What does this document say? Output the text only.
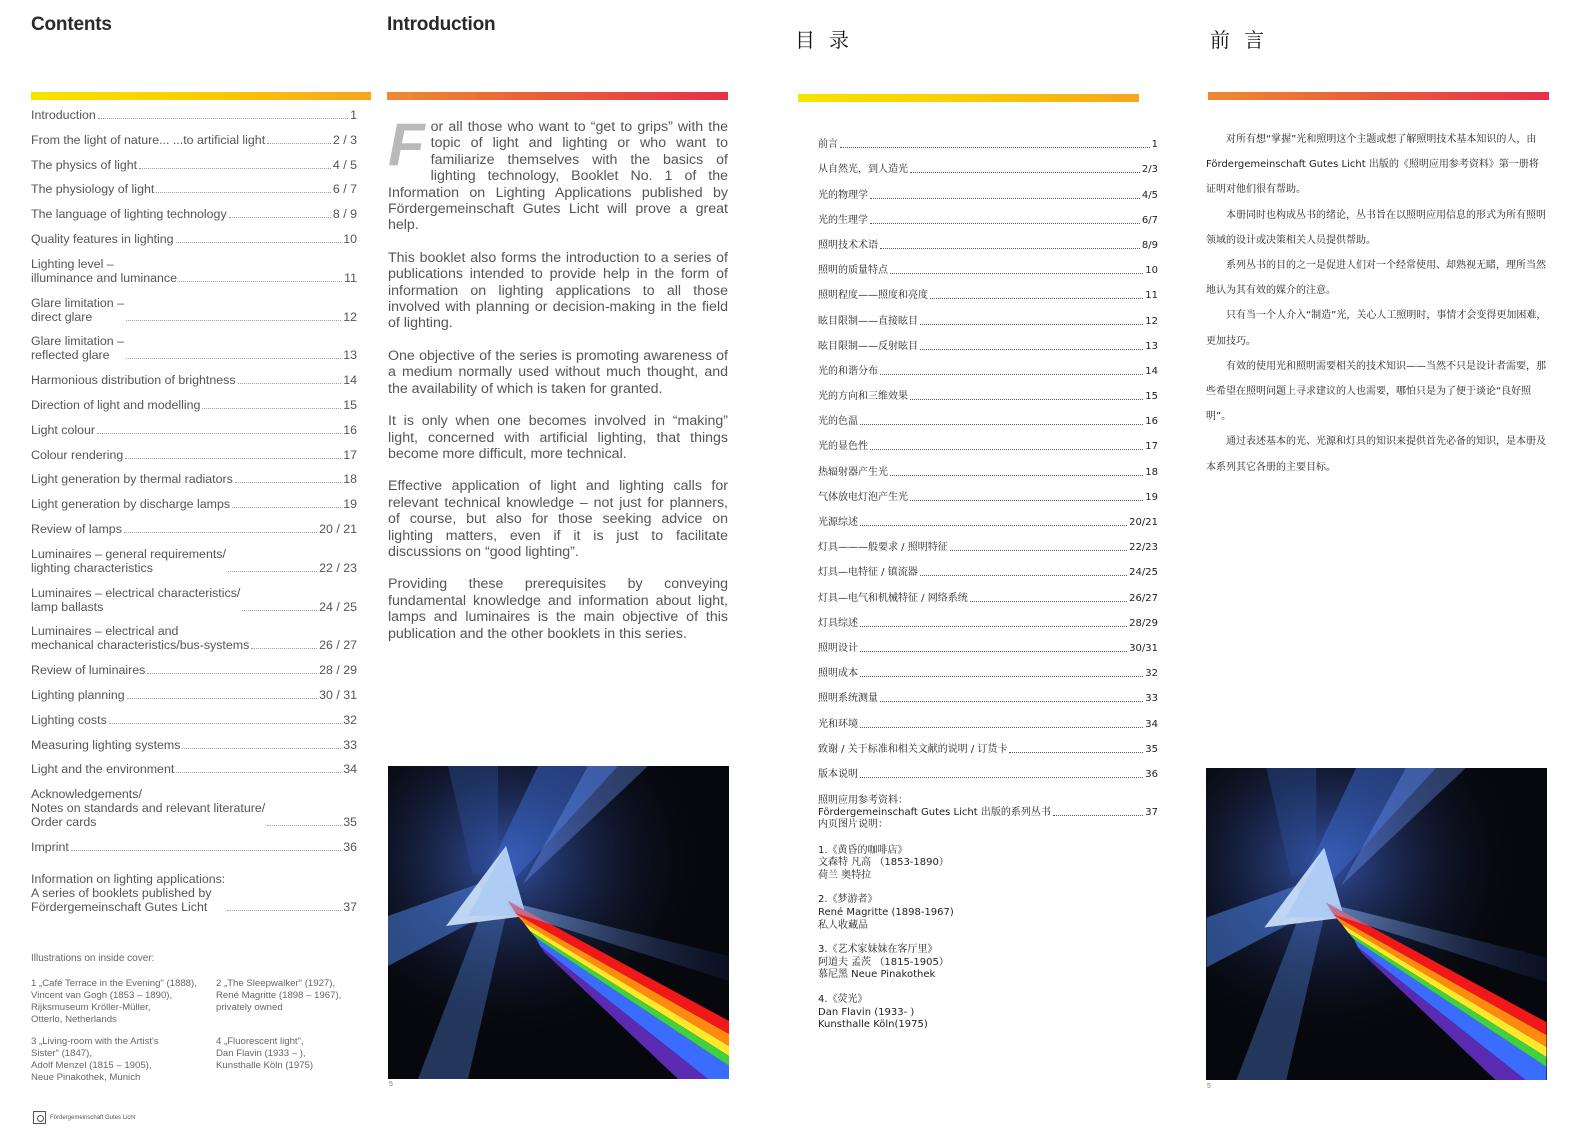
Contents
Introduction	1
From the light of nature... ...to artificial light	2 / 3
The physics of light	4 / 5
The physiology of light	6 / 7
The language of lighting technology	8 / 9
Quality features in lighting	10
Lighting level –
illuminance and luminance	11
Glare limitation –
direct glare	12
Glare limitation –
reflected glare	13
Harmonious distribution of brightness	14
Direction of light and modelling	15
Light colour	16
Colour rendering	17
Light generation by thermal radiators	18
Light generation by discharge lamps	19
Review of lamps	20 / 21
Luminaires – general requirements/
lighting characteristics	22 / 23
Luminaires – electrical characteristics/
lamp ballasts	24 / 25
Luminaires – electrical and
mechanical characteristics/bus-systems	26 / 27
Review of luminaires	28 / 29
Lighting planning	30 / 31
Lighting costs	32
Measuring lighting systems	33
Light and the environment	34
Acknowledgements/
Notes on standards and relevant literature/
Order cards	35
Imprint	36
Information on lighting applications:
A series of booklets published by
Fördergemeinschaft Gutes Licht	37
Illustrations on inside cover:
1 „Café Terrace in the Evening" (1888),
Vincent van Gogh (1853 – 1890),
Rijksmuseum Kröller-Müller,
Otterlo, Netherlands
2 „The Sleepwalker" (1927),
René Magritte (1898 – 1967),
privately owned
3 „Living-room with the Artist's
Sister" (1847),
Adolf Menzel (1815 – 1905),
Neue Pinakothek, Munich
4 „Fluorescent light",
Dan Flavin (1933 – ),
Kunsthalle Köln (1975)
Fördergemeinschaft Gutes Licht
Introduction

For all those who want to “get to grips” with the topic of light and lighting or who want to familiarize themselves with the basics of lighting technology, Booklet No. 1 of the Information on Lighting Applications published by Fördergemeinschaft Gutes Licht will prove a great help.

This booklet also forms the introduction to a series of publications intended to provide help in the form of information on lighting applications to all those involved with planning or decision-making in the field of lighting.

One objective of the series is promoting awareness of a medium normally used without much thought, and the availability of which is taken for granted.

It is only when one becomes involved in “making” light, concerned with artificial lighting, that things become more difficult, more technical.

Effective application of light and lighting calls for relevant technical knowledge – not just for planners, of course, but also for those seeking advice on lighting matters, even if it is just to facilitate discussions on “good lighting”.

Providing these prerequisites by conveying fundamental knowledge and information about light, lamps and luminaires is the main objective of this publication and the other booklets in this series.

5
目录
前言	1
从自然光，到人造光	2/3
光的物理学	4/5
光的生理学	6/7
照明技术术语	8/9
照明的质量特点	10
照明程度——照度和亮度	11
眩目限制——直接眩目	12
眩目限制——反射眩目	13
光的和谐分布	14
光的方向和三维效果	15
光的色温	16
光的显色性	17
热辐射器产生光	18
气体放电灯泡产生光	19
光源综述	20/21
灯具———般要求 / 照明特征	22/23
灯具—电特征 / 镇流器	24/25
灯具—电气和机械特征 / 网络系统	26/27
灯具综述	28/29
照明设计	30/31
照明成本	32
照明系统测量	33
光和环境	34
致谢 / 关于标准和相关文献的说明 / 订货卡	35
版本说明	36
照明应用参考资料：
Fördergemeinschaft Gutes Licht 出版的系列丛书	37
内页图片说明：
1.《黄昏的咖啡店》
文森特 凡高 （1853-1890）
荷兰 奥特拉
2.《梦游者》
René Magritte (1898-1967)
私人收藏品
3.《艺术家妹妹在客厅里》
阿道夫 孟茨 （1815-1905）
慕尼黑 Neue Pinakothek
4.《荧光》
Dan Flavin (1933- )
Kunsthalle Köln(1975)
前言

对所有想“掌握”光和照明这个主题或想了解照明技术基本知识的人，由Fördergemeinschaft Gutes Licht 出版的《照明应用参考资料》第一册将证明对他们很有帮助。

本册同时也构成丛书的绪论，丛书旨在以照明应用信息的形式为所有照明领域的设计或决策相关人员提供帮助。

系列丛书的目的之一是促进人们对一个经常使用、却熟视无睹，理所当然地认为其有效的媒介的注意。

只有当一个人介入“制造”光，关心人工照明时，事情才会变得更加困难，更加技巧。

有效的使用光和照明需要相关的技术知识——当然不只是设计者需要，那些希望在照明问题上寻求建议的人也需要，哪怕只是为了便于谈论“良好照明”。

通过表述基本的光、光源和灯具的知识来提供首先必备的知识，是本册及本系列其它各册的主要目标。

5
